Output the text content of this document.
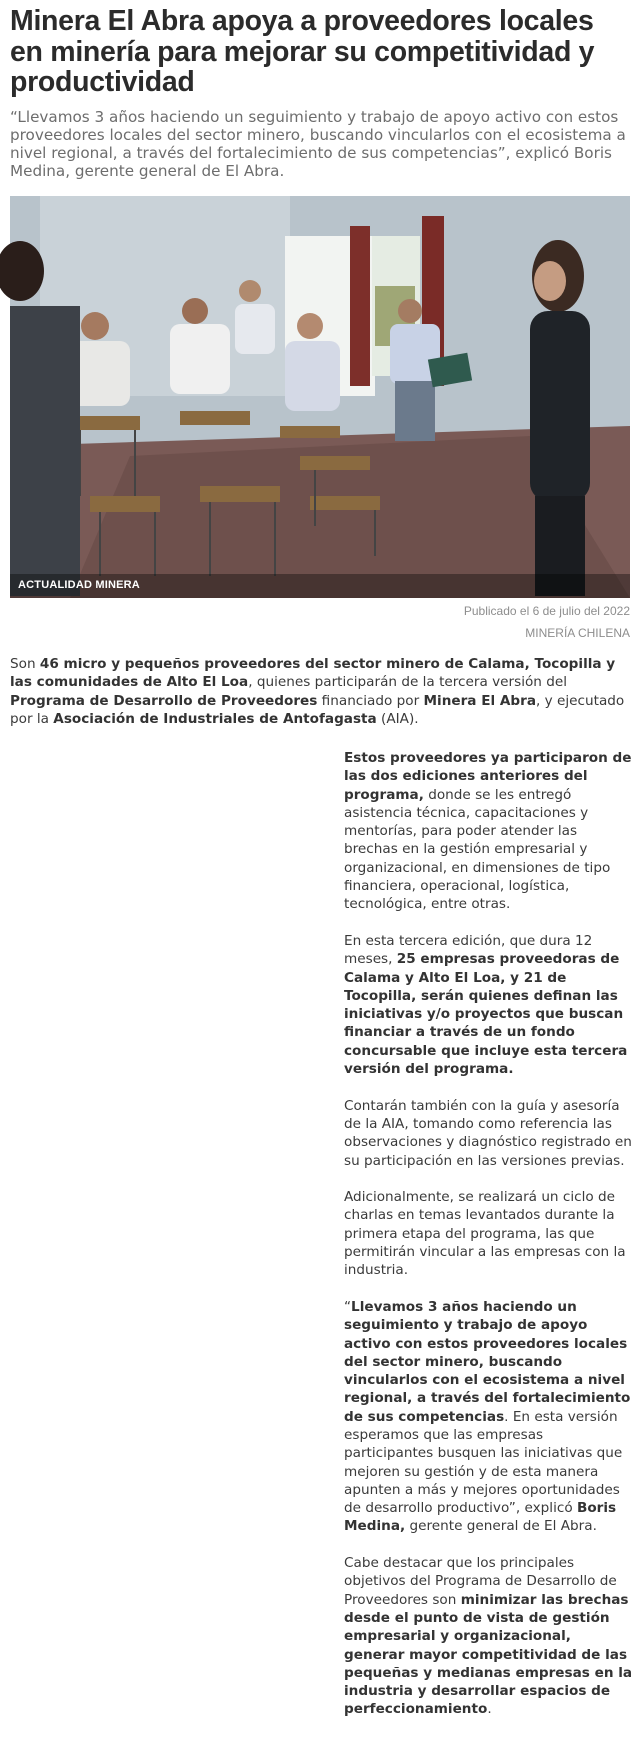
Minera El Abra apoya a proveedores locales en minería para mejorar su competitividad y productividad
“Llevamos 3 años haciendo un seguimiento y trabajo de apoyo activo con estos proveedores locales del sector minero, buscando vincularlos con el ecosistema a nivel regional, a través del fortalecimiento de sus competencias”, explicó Boris Medina, gerente general de El Abra.
ACTUALIDAD MINERA
Publicado el 6 de julio del 2022
MINERÍA CHILENA
Son 46 micro y pequeños proveedores del sector minero de Calama, Tocopilla y las comunidades de Alto El Loa, quienes participarán de la tercera versión del Programa de Desarrollo de Proveedores financiado por Minera El Abra, y ejecutado por la Asociación de Industriales de Antofagasta (AIA).

Estos proveedores ya participaron de las dos ediciones anteriores del programa, donde se les entregó asistencia técnica, capacitaciones y mentorías, para poder atender las brechas en la gestión empresarial y organizacional, en dimensiones de tipo financiera, operacional, logística, tecnológica, entre otras.

En esta tercera edición, que dura 12 meses, 25 empresas proveedoras de Calama y Alto El Loa, y 21 de Tocopilla, serán quienes definan las iniciativas y/o proyectos que buscan financiar a través de un fondo concursable que incluye esta tercera versión del programa.

Contarán también con la guía y asesoría de la AIA, tomando como referencia las observaciones y diagnóstico registrado en su participación en las versiones previas.

Adicionalmente, se realizará un ciclo de charlas en temas levantados durante la primera etapa del programa, las que permitirán vincular a las empresas con la industria.

“Llevamos 3 años haciendo un seguimiento y trabajo de apoyo activo con estos proveedores locales del sector minero, buscando vincularlos con el ecosistema a nivel regional, a través del fortalecimiento de sus competencias. En esta versión esperamos que las empresas participantes busquen las iniciativas que mejoren su gestión y de esta manera apunten a más y mejores oportunidades de desarrollo productivo”, explicó Boris Medina, gerente general de El Abra.

Cabe destacar que los principales objetivos del Programa de Desarrollo de Proveedores son minimizar las brechas desde el punto de vista de gestión empresarial y organizacional, generar mayor competitividad de las pequeñas y medianas empresas en la industria y desarrollar espacios de perfeccionamiento.
